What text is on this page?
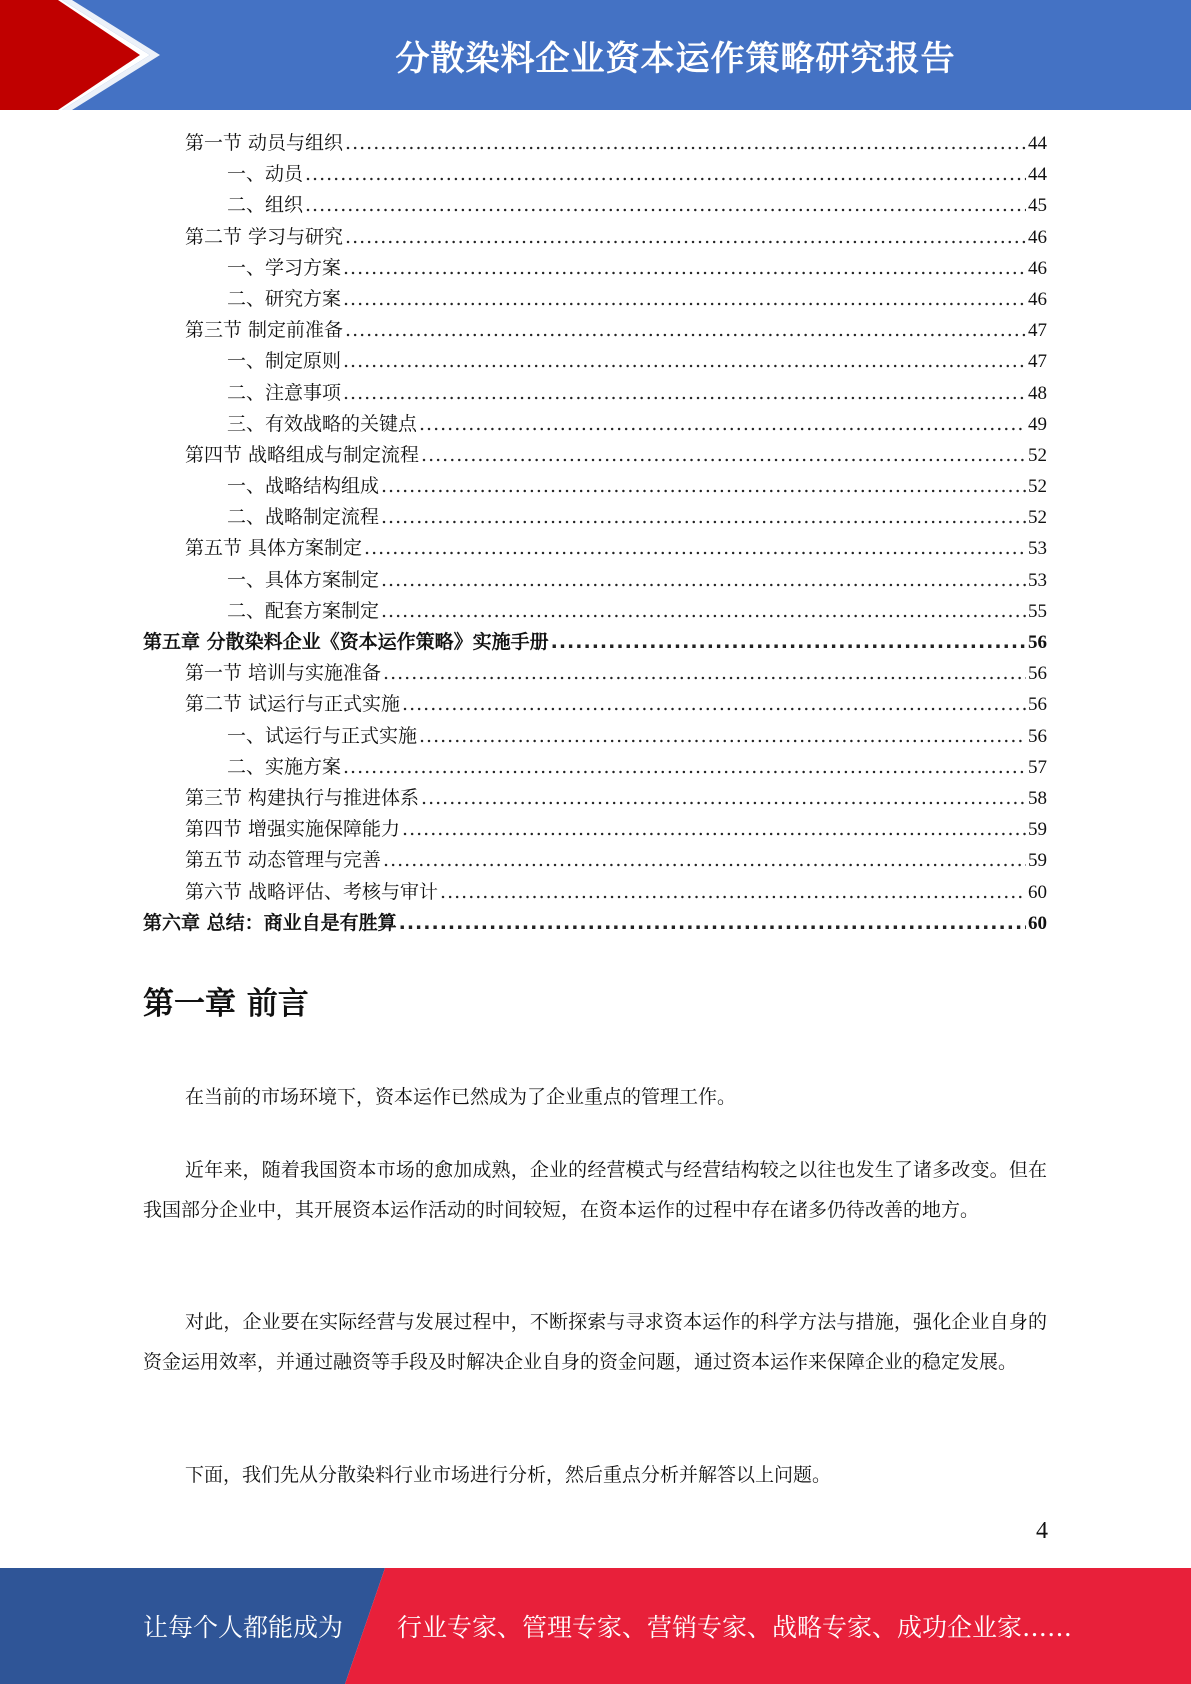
分散染料企业资本运作策略研究报告
第一节 动员与组织 .....	44
一、动员 .....	44
二、组织 .....	45
第二节 学习与研究 .....	46
一、学习方案 .....	46
二、研究方案 .....	46
第三节 制定前准备 .....	47
一、制定原则 .....	47
二、注意事项 .....	48
三、有效战略的关键点 .....	49
第四节 战略组成与制定流程 .....	52
一、战略结构组成 .....	52
二、战略制定流程 .....	52
第五节 具体方案制定 .....	53
一、具体方案制定 .....	53
二、配套方案制定 .....	55
第五章 分散染料企业《资本运作策略》实施手册 .....	56
第一节 培训与实施准备 .....	56
第二节 试运行与正式实施 .....	56
一、试运行与正式实施 .....	56
二、实施方案 .....	57
第三节 构建执行与推进体系 .....	58
第四节 增强实施保障能力 .....	59
第五节 动态管理与完善 .....	59
第六节 战略评估、考核与审计 .....	60
第六章 总结：商业自是有胜算 .....	60
第一章 前言

在当前的市场环境下，资本运作已然成为了企业重点的管理工作。

近年来，随着我国资本市场的愈加成熟，企业的经营模式与经营结构较之以往也发生了诸多改变。但在我国部分企业中，其开展资本运作活动的时间较短，在资本运作的过程中存在诸多仍待改善的地方。

对此，企业要在实际经营与发展过程中，不断探索与寻求资本运作的科学方法与措施，强化企业自身的资金运用效率，并通过融资等手段及时解决企业自身的资金问题，通过资本运作来保障企业的稳定发展。

下面，我们先从分散染料行业市场进行分析，然后重点分析并解答以上问题。

4
让每个人都能成为 行业专家、管理专家、营销专家、战略专家、成功企业家……
